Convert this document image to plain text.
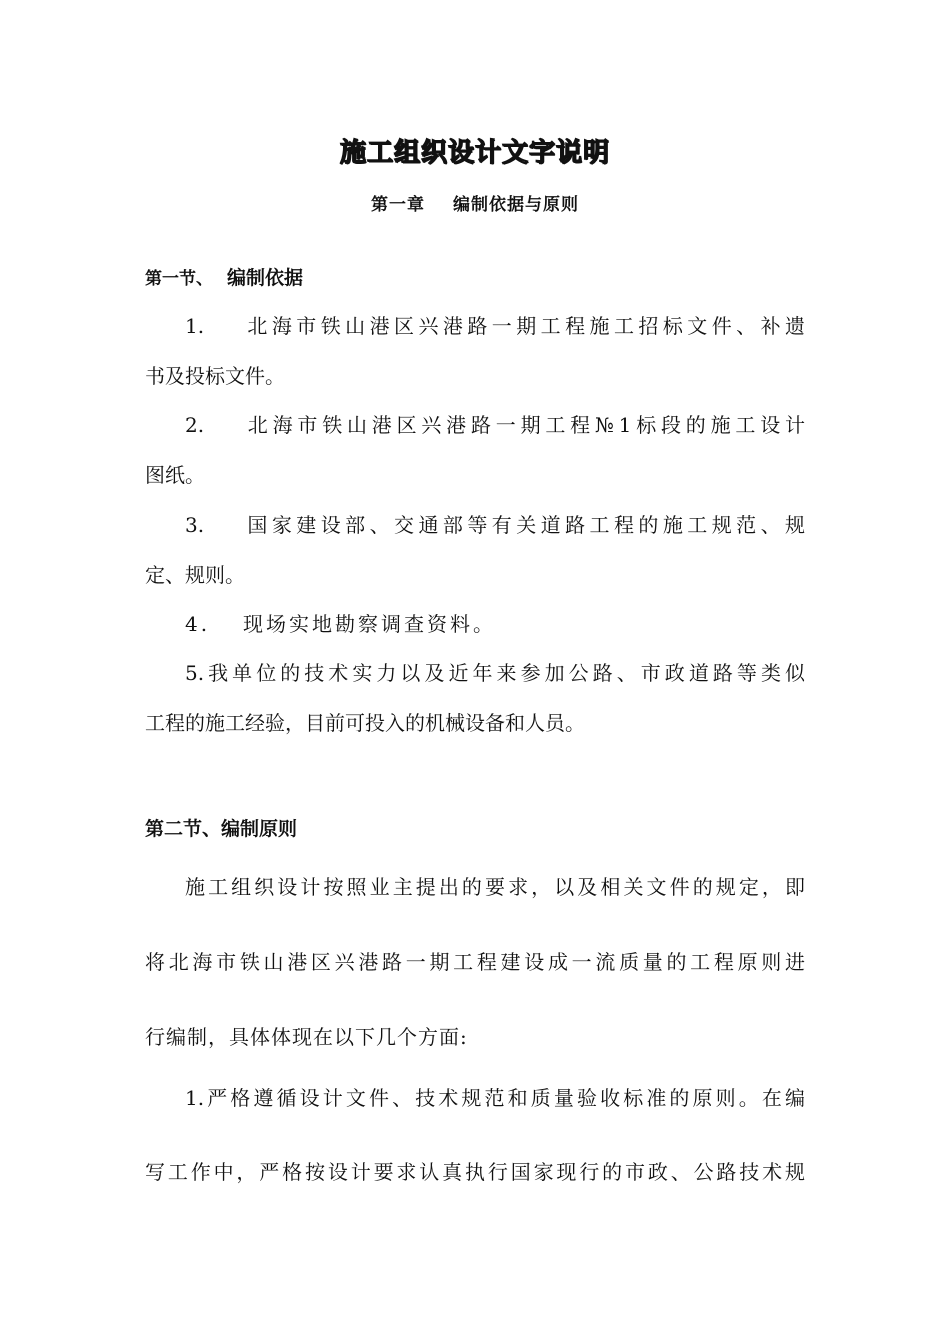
施工组织设计文字说明
第一章 编制依据与原则
第一节、 编制依据
1. 北海市铁山港区兴港路一期工程施工招标文件、补遗
书及投标文件。
2. 北海市铁山港区兴港路一期工程№1标段的施工设计
图纸。
3. 国家建设部、交通部等有关道路工程的施工规范、规
定、规则。
4. 现场实地勘察调查资料。
5.我单位的技术实力以及近年来参加公路、市政道路等类似
工程的施工经验，目前可投入的机械设备和人员。
第二节、编制原则
施工组织设计按照业主提出的要求，以及相关文件的规定，即
将北海市铁山港区兴港路一期工程建设成一流质量的工程原则进
行编制，具体体现在以下几个方面:
1.严格遵循设计文件、技术规范和质量验收标准的原则。在编
写工作中，严格按设计要求认真执行国家现行的市政、公路技术规
